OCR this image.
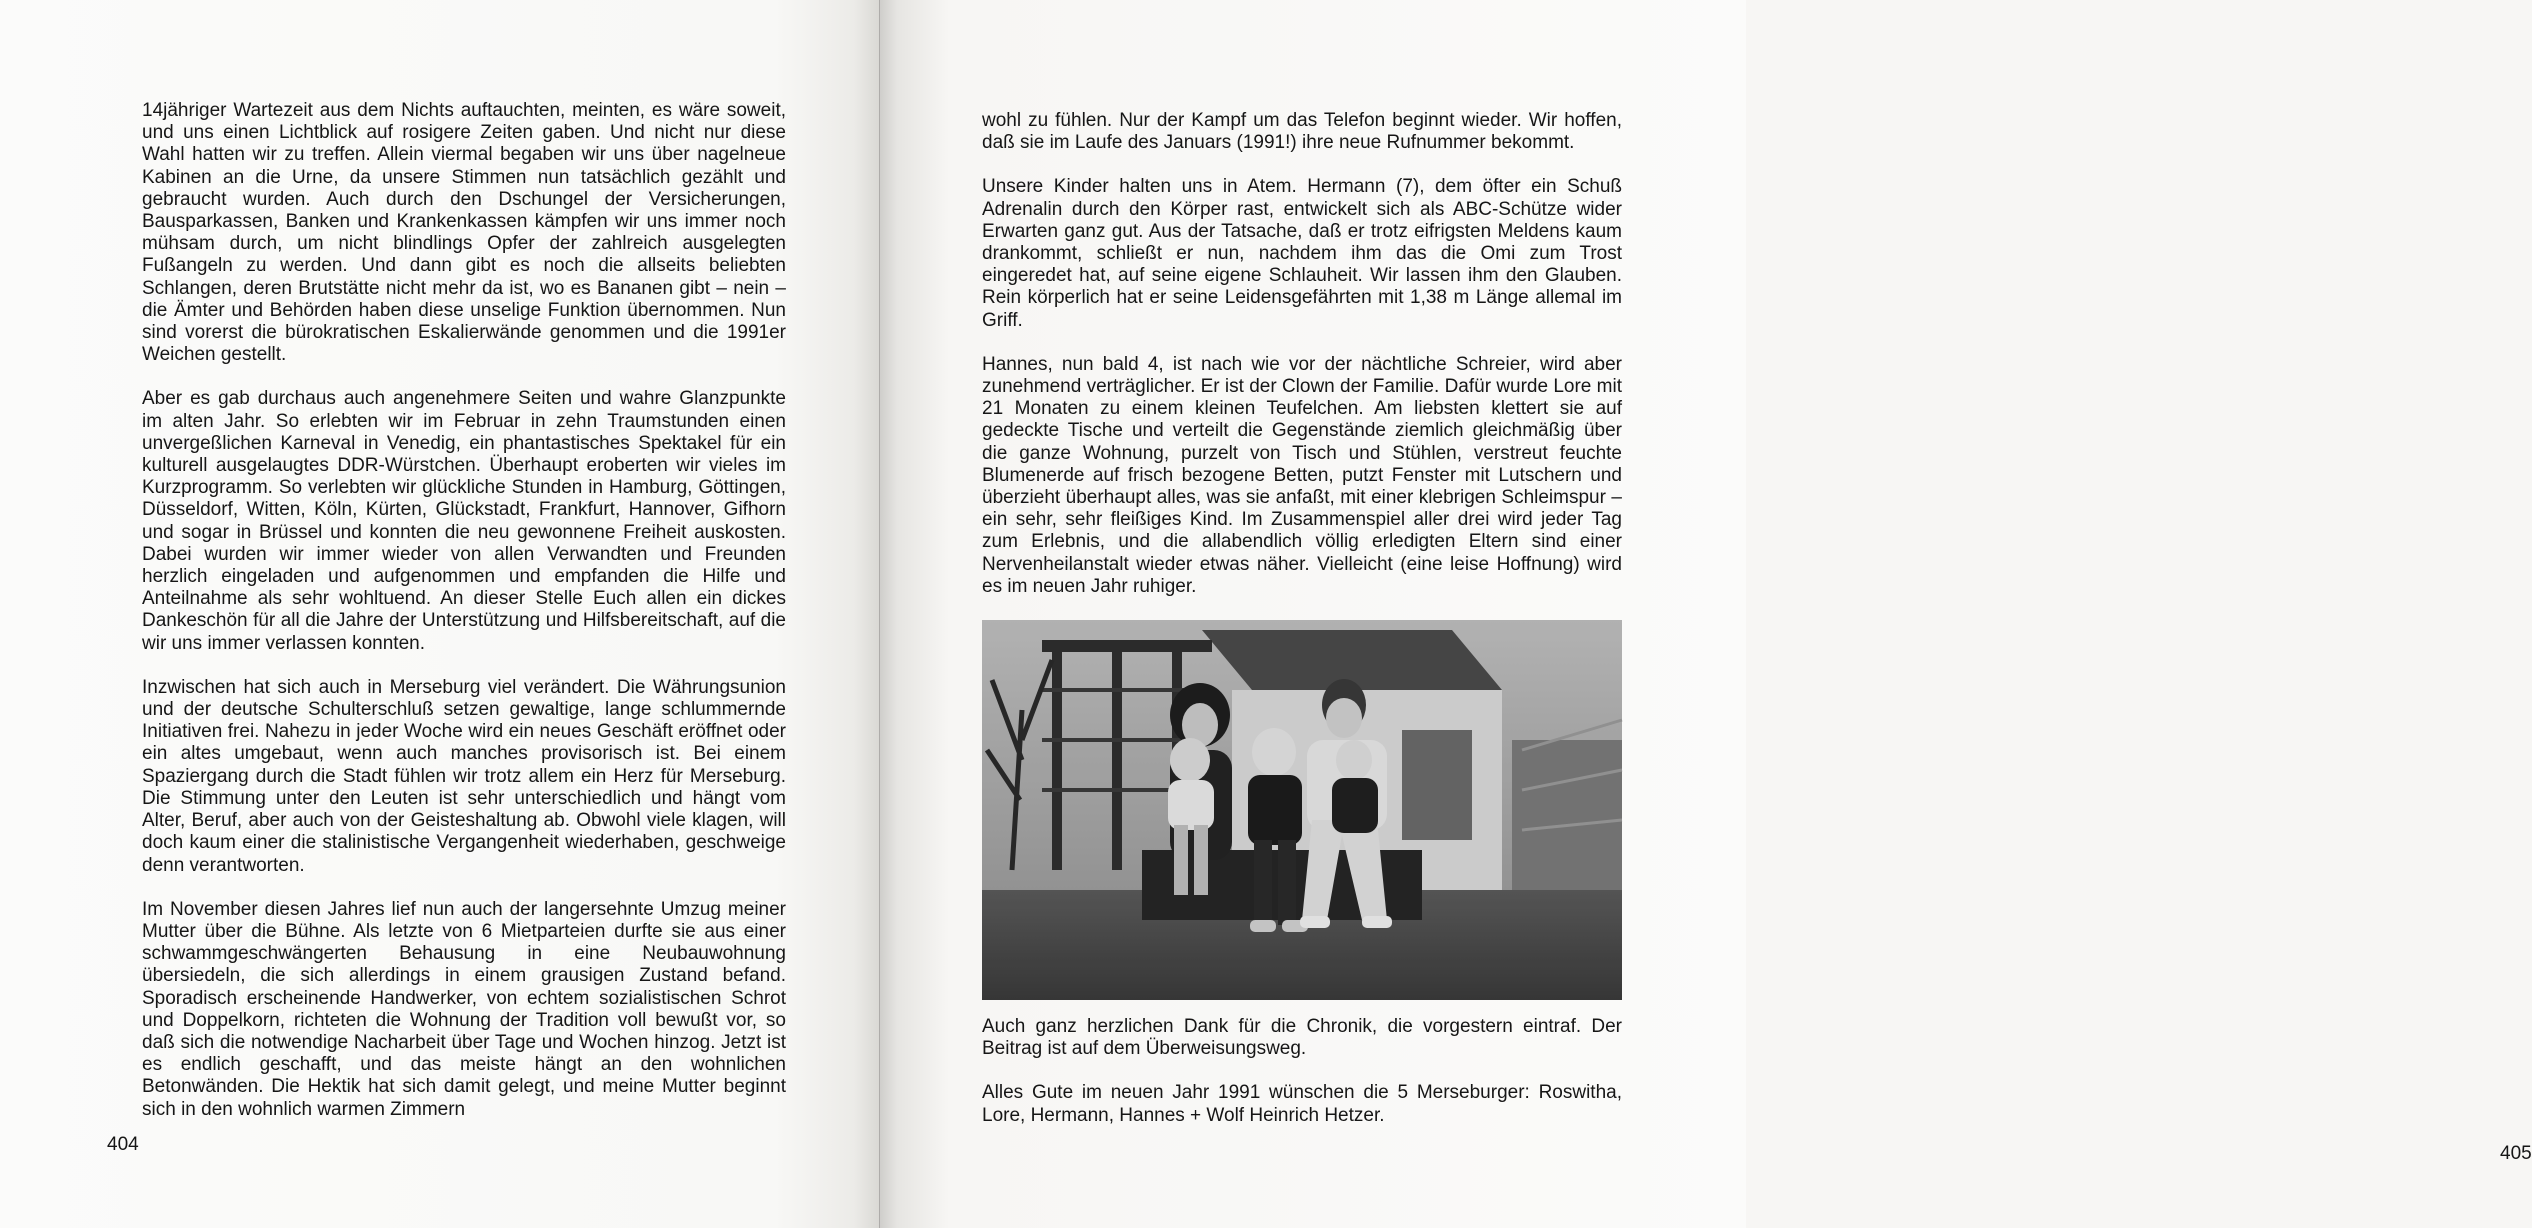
14jähriger Wartezeit aus dem Nichts auftauchten, meinten, es wäre soweit, und uns einen Lichtblick auf rosigere Zeiten gaben. Und nicht nur diese Wahl hatten wir zu treffen. Allein viermal begaben wir uns über nagelneue Kabinen an die Urne, da unsere Stimmen nun tatsächlich gezählt und gebraucht wurden. Auch durch den Dschungel der Versicherungen, Bausparkassen, Banken und Krankenkassen kämpfen wir uns immer noch mühsam durch, um nicht blindlings Opfer der zahlreich ausgelegten Fußangeln zu werden. Und dann gibt es noch die allseits beliebten Schlangen, deren Brutstätte nicht mehr da ist, wo es Bananen gibt – nein – die Ämter und Behörden haben diese unselige Funktion übernommen. Nun sind vorerst die bürokratischen Eskalierwände genommen und die 1991er Weichen gestellt.

Aber es gab durchaus auch angenehmere Seiten und wahre Glanzpunkte im alten Jahr. So erlebten wir im Februar in zehn Traumstunden einen unvergeßlichen Karneval in Venedig, ein phantastisches Spektakel für ein kulturell ausgelaugtes DDR-Würstchen. Überhaupt eroberten wir vieles im Kurzprogramm. So verlebten wir glückliche Stunden in Hamburg, Göttingen, Düsseldorf, Witten, Köln, Kürten, Glückstadt, Frankfurt, Hannover, Gifhorn und sogar in Brüssel und konnten die neu gewonnene Freiheit auskosten. Dabei wurden wir immer wieder von allen Verwandten und Freunden herzlich eingeladen und aufgenommen und empfanden die Hilfe und Anteilnahme als sehr wohltuend. An dieser Stelle Euch allen ein dickes Dankeschön für all die Jahre der Unterstützung und Hilfsbereitschaft, auf die wir uns immer verlassen konnten.

Inzwischen hat sich auch in Merseburg viel verändert. Die Währungsunion und der deutsche Schulterschluß setzen gewaltige, lange schlummernde Initiativen frei. Nahezu in jeder Woche wird ein neues Geschäft eröffnet oder ein altes umgebaut, wenn auch manches provisorisch ist. Bei einem Spaziergang durch die Stadt fühlen wir trotz allem ein Herz für Merseburg. Die Stimmung unter den Leuten ist sehr unterschiedlich und hängt vom Alter, Beruf, aber auch von der Geisteshaltung ab. Obwohl viele klagen, will doch kaum einer die stalinistische Vergangenheit wiederhaben, geschweige denn verantworten.

Im November diesen Jahres lief nun auch der langersehnte Umzug meiner Mutter über die Bühne. Als letzte von 6 Mietparteien durfte sie aus einer schwammgeschwängerten Behausung in eine Neubauwohnung übersiedeln, die sich allerdings in einem grausigen Zustand befand. Sporadisch erscheinende Handwerker, von echtem sozialistischen Schrot und Doppelkorn, richteten die Wohnung der Tradition voll bewußt vor, so daß sich die notwendige Nacharbeit über Tage und Wochen hinzog. Jetzt ist es endlich geschafft, und das meiste hängt an den wohnlichen Betonwänden. Die Hektik hat sich damit gelegt, und meine Mutter beginnt sich in den wohnlich warmen Zimmern

404	405

wohl zu fühlen. Nur der Kampf um das Telefon beginnt wieder. Wir hoffen, daß sie im Laufe des Januars (1991!) ihre neue Rufnummer bekommt.

Unsere Kinder halten uns in Atem. Hermann (7), dem öfter ein Schuß Adrenalin durch den Körper rast, entwickelt sich als ABC-Schütze wider Erwarten ganz gut. Aus der Tatsache, daß er trotz eifrigsten Meldens kaum drankommt, schließt er nun, nachdem ihm das die Omi zum Trost eingeredet hat, auf seine eigene Schlauheit. Wir lassen ihm den Glauben. Rein körperlich hat er seine Leidensgefährten mit 1,38 m Länge allemal im Griff.

Hannes, nun bald 4, ist nach wie vor der nächtliche Schreier, wird aber zunehmend verträglicher. Er ist der Clown der Familie. Dafür wurde Lore mit 21 Monaten zu einem kleinen Teufelchen. Am liebsten klettert sie auf gedeckte Tische und verteilt die Gegenstände ziemlich gleichmäßig über die ganze Wohnung, purzelt von Tisch und Stühlen, verstreut feuchte Blumenerde auf frisch bezogene Betten, putzt Fenster mit Lutschern und überzieht überhaupt alles, was sie anfaßt, mit einer klebrigen Schleimspur – ein sehr, sehr fleißiges Kind. Im Zusammenspiel aller drei wird jeder Tag zum Erlebnis, und die allabendlich völlig erledigten Eltern sind einer Nervenheilanstalt wieder etwas näher. Vielleicht (eine leise Hoffnung) wird es im neuen Jahr ruhiger.

Auch ganz herzlichen Dank für die Chronik, die vorgestern eintraf. Der Beitrag ist auf dem Überweisungsweg.

Alles Gute im neuen Jahr 1991 wünschen die 5 Merseburger: Roswitha, Lore, Hermann, Hannes + Wolf Heinrich Hetzer.
